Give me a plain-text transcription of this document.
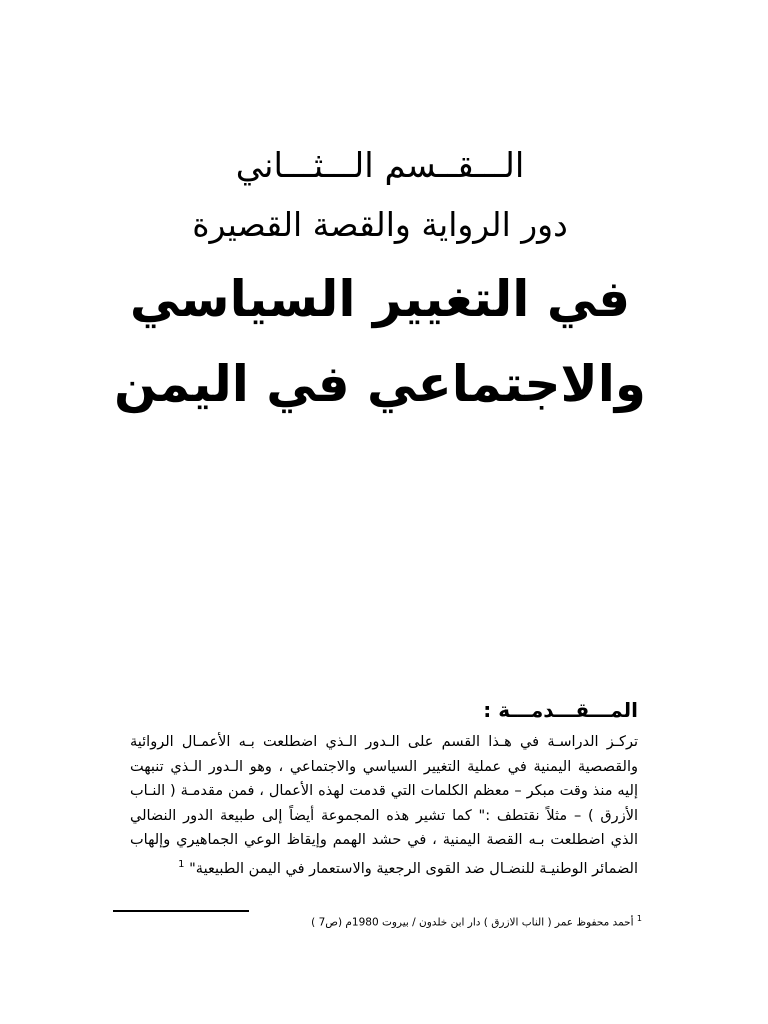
الـــقــسم الـــثـــاني
دور الرواية والقصة القصيرة
في التغيير السياسي
والاجتماعي في اليمن
المـــقـــدمـــة :
تركـز الدراسـة في هـذا القسم على الـدور الـذي اضطلعت بـه الأعمـال الروائية والقصصية اليمنية في عملية التغيير السياسي والاجتماعي ، وهو الـدور الـذي تنبهت إليه منذ وقت مبكر – معظم الكلمات التي قدمت لهذه الأعمال ، فمن مقدمـة ( النـاب الأزرق ) – مثلاً نقتطف :" كما تشير هذه المجموعة أيضاً إلى طبيعة الدور النضالي الذي اضطلعت بـه القصة اليمنية ، في حشد الهمم وإيقاظ الوعي الجماهيري وإلهاب الضمائر الوطنيـة للنضـال ضد القوى الرجعية والاستعمار في اليمن الطبيعية" $^1$
$^1$ أحمد محفوظ عمر ( الناب الازرق ) دار ابن خلدون / بيروت 1980م (ص7 )
